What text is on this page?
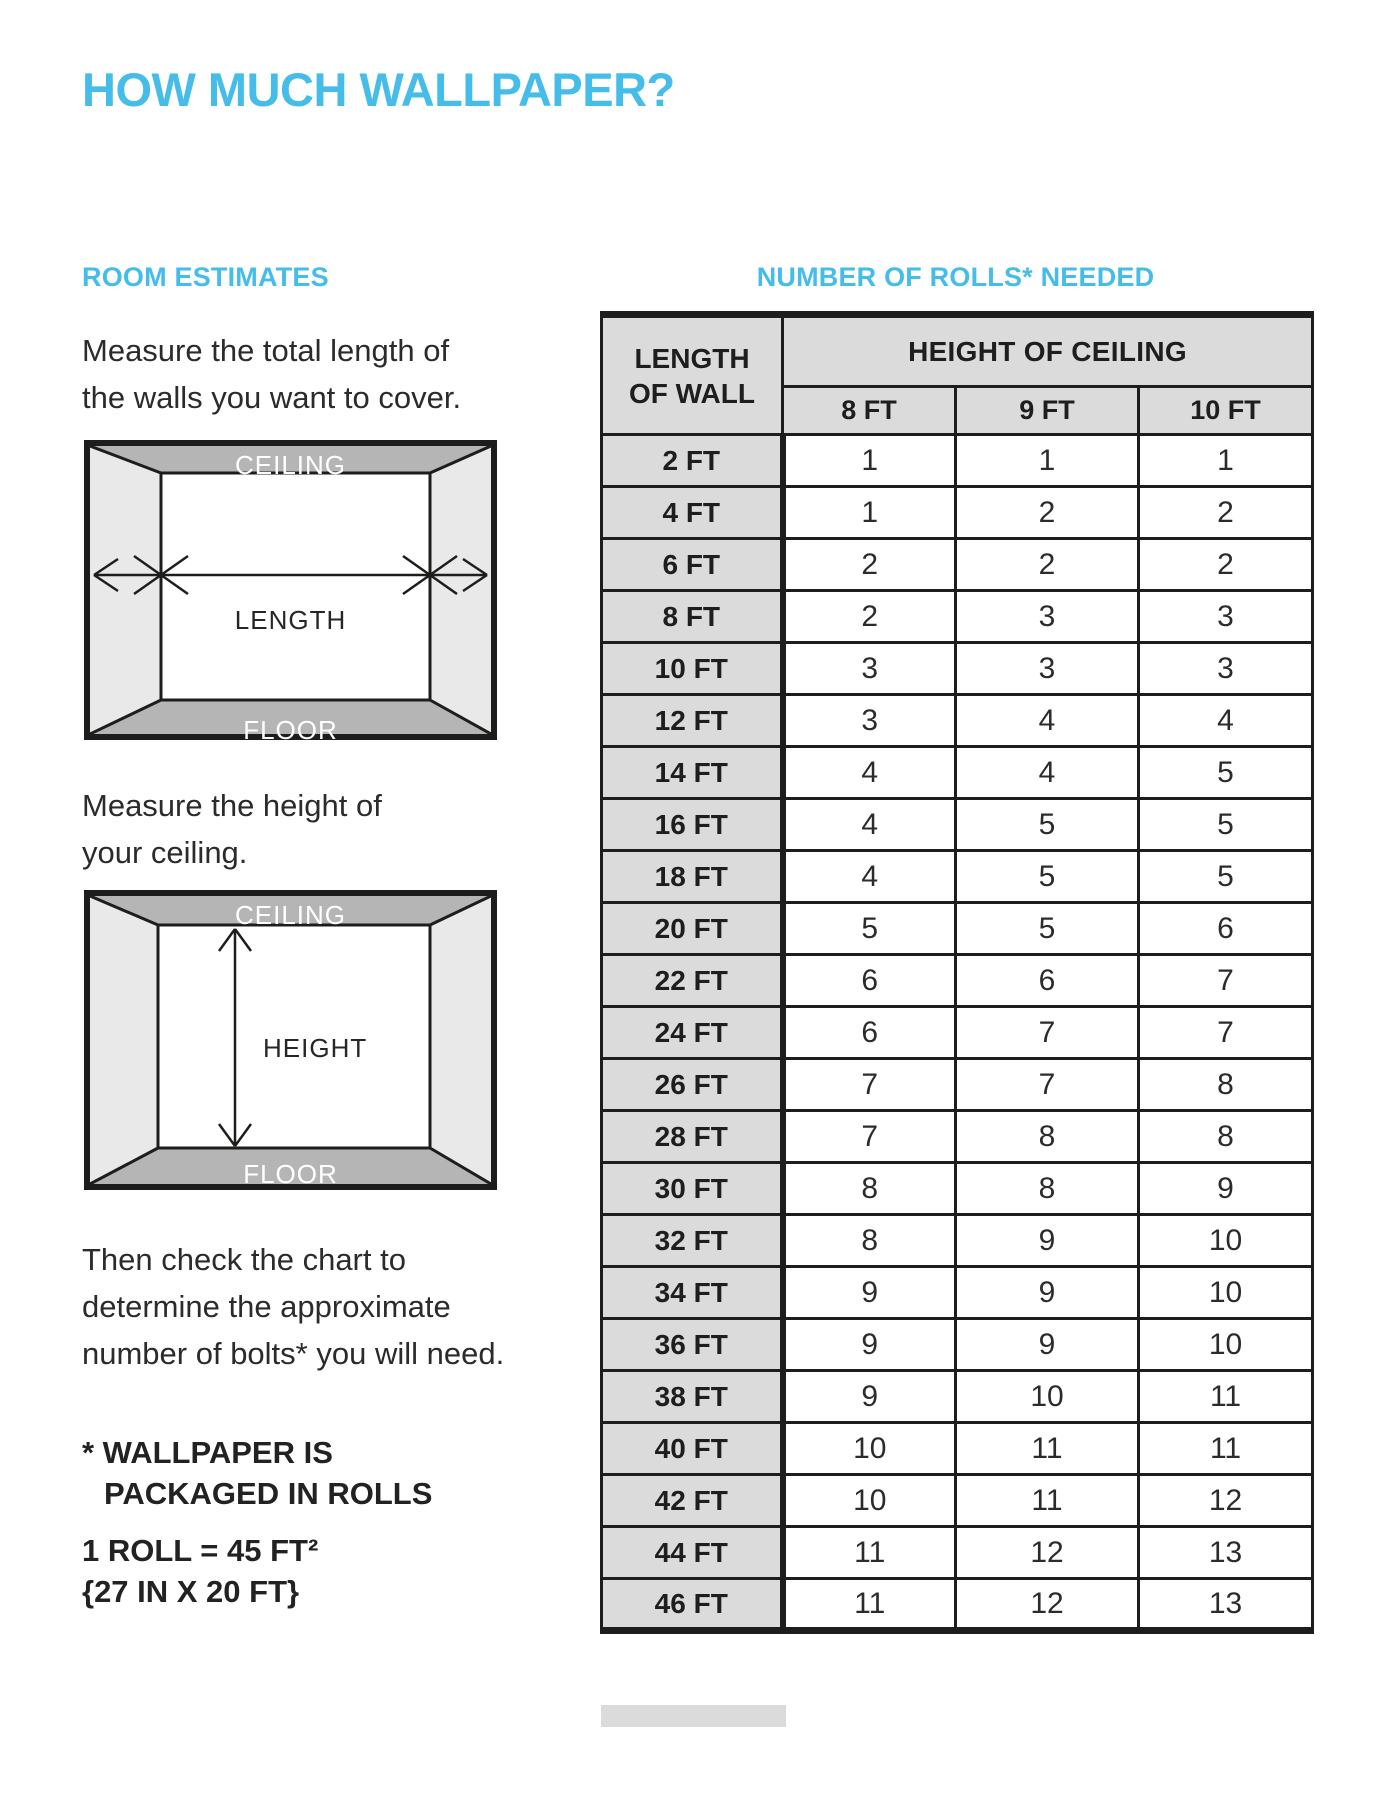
HOW MUCH WALLPAPER?
ROOM ESTIMATES
Measure the total length of
the walls you want to cover.
CEILING
LENGTH
FLOOR
Measure the height of
your ceiling.
CEILING
HEIGHT
FLOOR
Then check the chart to
determine the approximate
number of bolts* you will need.
* WALLPAPER IS
PACKAGED IN ROLLS
1 ROLL = 45 FT²
{27 IN X 20 FT}
NUMBER OF ROLLS* NEEDED
LENGTH
OF WALL	HEIGHT OF CEILING		
	8 FT	9 FT	10 FT
2 FT	1	1	1
4 FT	1	2	2
6 FT	2	2	2
8 FT	2	3	3
10 FT	3	3	3
12 FT	3	4	4
14 FT	4	4	5
16 FT	4	5	5
18 FT	4	5	5
20 FT	5	5	6
22 FT	6	6	7
24 FT	6	7	7
26 FT	7	7	8
28 FT	7	8	8
30 FT	8	8	9
32 FT	8	9	10
34 FT	9	9	10
36 FT	9	9	10
38 FT	9	10	11
40 FT	10	11	11
42 FT	10	11	12
44 FT	11	12	13
46 FT	11	12	13
